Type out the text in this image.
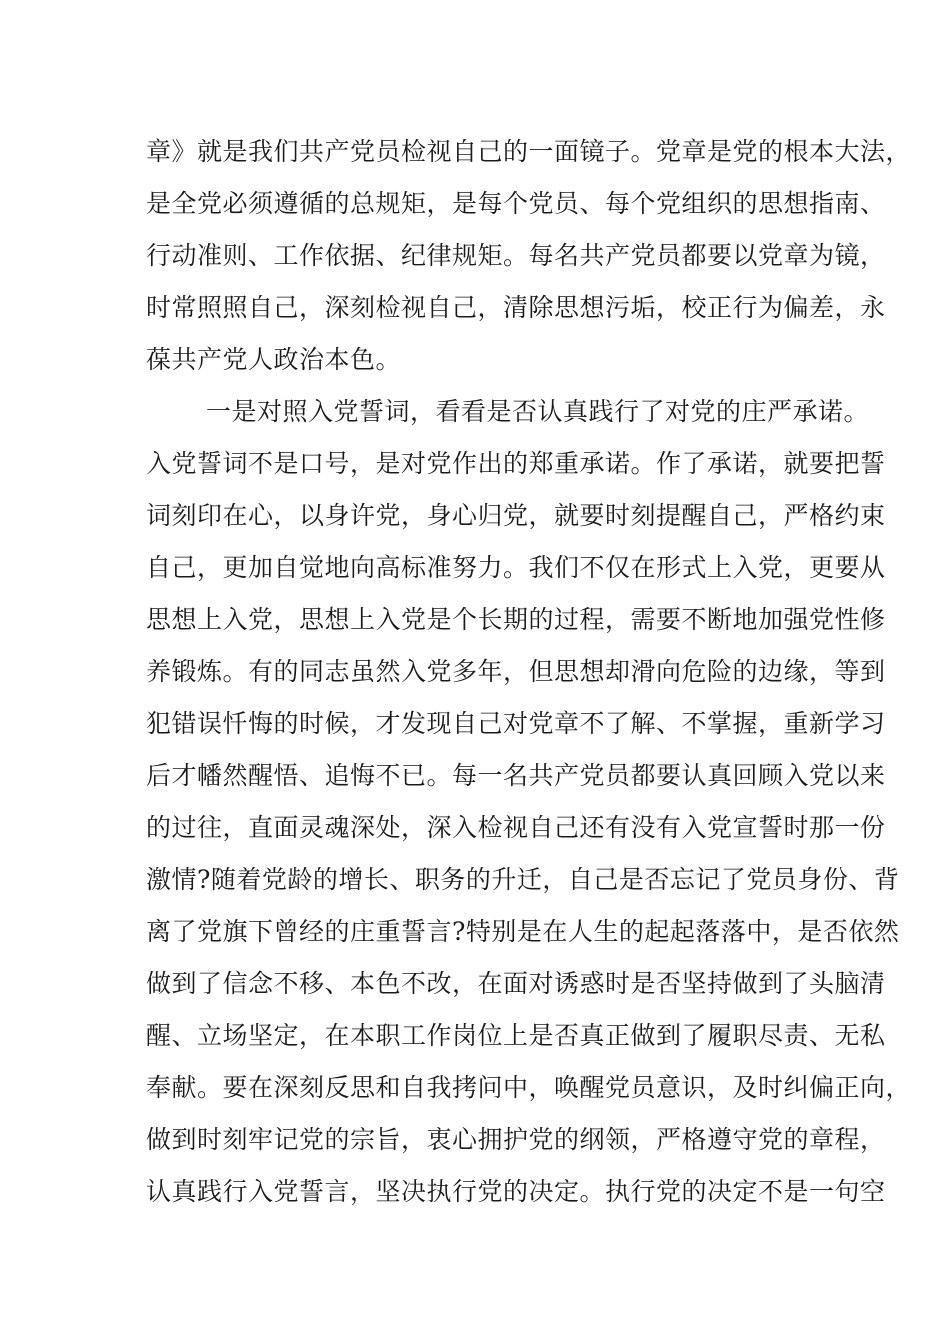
章》就是我们共产党员检视自己的一面镜子。党章是党的根本大法，
是全党必须遵循的总规矩，是每个党员、每个党组织的思想指南、
行动准则、工作依据、纪律规矩。每名共产党员都要以党章为镜，
时常照照自己，深刻检视自己，清除思想污垢，校正行为偏差，永
葆共产党人政治本色。
一是对照入党誓词，看看是否认真践行了对党的庄严承诺。
入党誓词不是口号，是对党作出的郑重承诺。作了承诺，就要把誓
词刻印在心，以身许党，身心归党，就要时刻提醒自己，严格约束
自己，更加自觉地向高标准努力。我们不仅在形式上入党，更要从
思想上入党，思想上入党是个长期的过程，需要不断地加强党性修
养锻炼。有的同志虽然入党多年，但思想却滑向危险的边缘，等到
犯错误忏悔的时候，才发现自己对党章不了解、不掌握，重新学习
后才幡然醒悟、追悔不已。每一名共产党员都要认真回顾入党以来
的过往，直面灵魂深处，深入检视自己还有没有入党宣誓时那一份
激情?随着党龄的增长、职务的升迁，自己是否忘记了党员身份、背
离了党旗下曾经的庄重誓言?特别是在人生的起起落落中，是否依然
做到了信念不移、本色不改，在面对诱惑时是否坚持做到了头脑清
醒、立场坚定，在本职工作岗位上是否真正做到了履职尽责、无私
奉献。要在深刻反思和自我拷问中，唤醒党员意识，及时纠偏正向，
做到时刻牢记党的宗旨，衷心拥护党的纲领，严格遵守党的章程，
认真践行入党誓言，坚决执行党的决定。执行党的决定不是一句空
